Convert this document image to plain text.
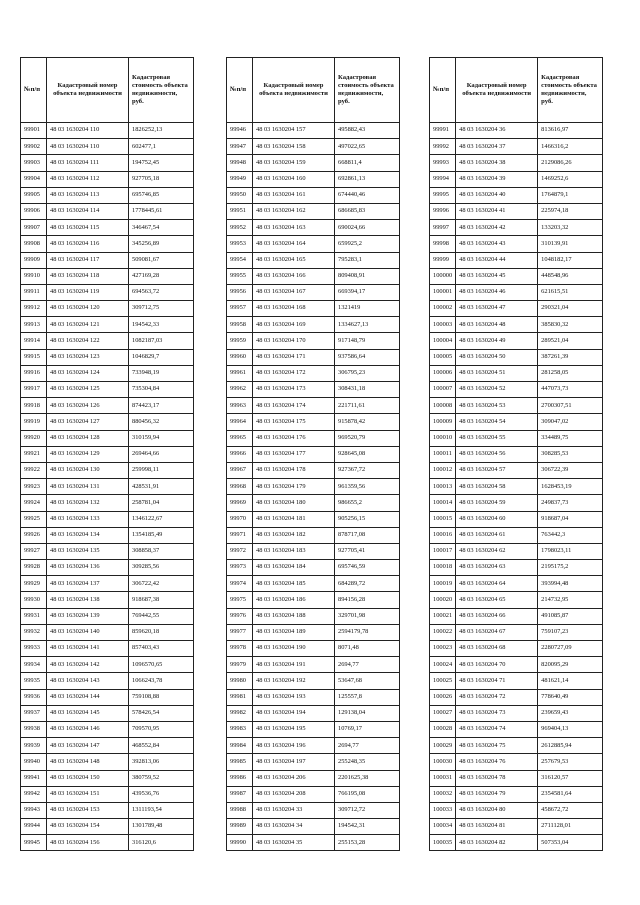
№п/п	Кадастровый номер объекта недвижимости	Кадастровая стоимость объекта недвижимости, руб.
99901	48 03 1630204 110	1826252,13
99902	48 03 1630204 110	602477,1
99903	48 03 1630204 111	194752,45
99904	48 03 1630204 112	927705,18
99905	48 03 1630204 113	695746,85
99906	48 03 1630204 114	1778445,61
99907	48 03 1630204 115	346467,54
99908	48 03 1630204 116	345256,89
99909	48 03 1630204 117	509081,67
99910	48 03 1630204 118	427169,28
99911	48 03 1630204 119	694563,72
99912	48 03 1630204 120	309712,75
99913	48 03 1630204 121	194542,33
99914	48 03 1630204 122	1082187,03
99915	48 03 1630204 123	1046829,7
99916	48 03 1630204 124	733948,19
99917	48 03 1630204 125	735304,84
99918	48 03 1630204 126	874423,17
99919	48 03 1630204 127	880456,32
99920	48 03 1630204 128	310159,94
99921	48 03 1630204 129	269464,66
99922	48 03 1630204 130	259998,11
99923	48 03 1630204 131	428531,91
99924	48 03 1630204 132	258781,04
99925	48 03 1630204 133	1346122,67
99926	48 03 1630204 134	1354185,49
99927	48 03 1630204 135	308858,37
99928	48 03 1630204 136	309285,56
99929	48 03 1630204 137	306722,42
99930	48 03 1630204 138	918687,38
99931	48 03 1630204 139	769442,55
99932	48 03 1630204 140	859620,18
99933	48 03 1630204 141	857403,43
99934	48 03 1630204 142	1096570,65
99935	48 03 1630204 143	1066243,78
99936	48 03 1630204 144	759108,88
99937	48 03 1630204 145	578426,54
99938	48 03 1630204 146	709570,95
99939	48 03 1630204 147	468552,84
99940	48 03 1630204 148	392813,06
99941	48 03 1630204 150	380759,52
99942	48 03 1630204 151	439536,76
99943	48 03 1630204 153	1311193,54
99944	48 03 1630204 154	1301789,48
99945	48 03 1630204 156	316120,6
№п/п	Кадастровый номер объекта недвижимости	Кадастровая стоимость объекта недвижимости, руб.
99946	48 03 1630204 157	495882,43
99947	48 03 1630204 158	497022,65
99948	48 03 1630204 159	668811,4
99949	48 03 1630204 160	692861,13
99950	48 03 1630204 161	674440,46
99951	48 03 1630204 162	686685,83
99952	48 03 1630204 163	690024,66
99953	48 03 1630204 164	659925,2
99954	48 03 1630204 165	795283,1
99955	48 03 1630204 166	809408,91
99956	48 03 1630204 167	669394,17
99957	48 03 1630204 168	1321419
99958	48 03 1630204 169	1334627,13
99959	48 03 1630204 170	917148,79
99960	48 03 1630204 171	937586,64
99961	48 03 1630204 172	306795,23
99962	48 03 1630204 173	308431,18
99963	48 03 1630204 174	221711,61
99964	48 03 1630204 175	915878,42
99965	48 03 1630204 176	969520,79
99966	48 03 1630204 177	928645,08
99967	48 03 1630204 178	927367,72
99968	48 03 1630204 179	961359,56
99969	48 03 1630204 180	986655,2
99970	48 03 1630204 181	905256,15
99971	48 03 1630204 182	878717,08
99972	48 03 1630204 183	927705,41
99973	48 03 1630204 184	695746,59
99974	48 03 1630204 185	684289,72
99975	48 03 1630204 186	894156,28
99976	48 03 1630204 188	329701,98
99977	48 03 1630204 189	2594179,78
99978	48 03 1630204 190	8071,48
99979	48 03 1630204 191	2694,77
99980	48 03 1630204 192	53647,68
99981	48 03 1630204 193	125557,8
99982	48 03 1630204 194	129138,04
99983	48 03 1630204 195	10769,17
99984	48 03 1630204 196	2694,77
99985	48 03 1630204 197	255248,35
99986	48 03 1630204 206	2201625,38
99987	48 03 1630204 208	766195,08
99988	48 03 1630204 33	309712,72
99989	48 03 1630204 34	194542,31
99990	48 03 1630204 35	255153,28
№п/п	Кадастровый номер объекта недвижимости	Кадастровая стоимость объекта недвижимости, руб.
99991	48 03 1630204 36	813616,97
99992	48 03 1630204 37	1466316,2
99993	48 03 1630204 38	2129086,26
99994	48 03 1630204 39	1469252,6
99995	48 03 1630204 40	1764879,1
99996	48 03 1630204 41	225974,18
99997	48 03 1630204 42	133203,32
99998	48 03 1630204 43	310139,91
99999	48 03 1630204 44	1048182,17
100000	48 03 1630204 45	448548,96
100001	48 03 1630204 46	621615,51
100002	48 03 1630204 47	290321,04
100003	48 03 1630204 48	385830,32
100004	48 03 1630204 49	289521,04
100005	48 03 1630204 50	387261,39
100006	48 03 1630204 51	281258,05
100007	48 03 1630204 52	447073,73
100008	48 03 1630204 53	2700307,51
100009	48 03 1630204 54	309047,02
100010	48 03 1630204 55	334489,75
100011	48 03 1630204 56	308285,53
100012	48 03 1630204 57	306722,39
100013	48 03 1630204 58	1628453,19
100014	48 03 1630204 59	249837,73
100015	48 03 1630204 60	918687,04
100016	48 03 1630204 61	763442,3
100017	48 03 1630204 62	1798023,11
100018	48 03 1630204 63	2195175,2
100019	48 03 1630204 64	393994,48
100020	48 03 1630204 65	214732,95
100021	48 03 1630204 66	491085,87
100022	48 03 1630204 67	759107,23
100023	48 03 1630204 68	2280727,09
100024	48 03 1630204 70	820095,29
100025	48 03 1630204 71	481621,14
100026	48 03 1630204 72	778640,49
100027	48 03 1630204 73	239659,43
100028	48 03 1630204 74	969404,13
100029	48 03 1630204 75	2612885,94
100030	48 03 1630204 76	257679,53
100031	48 03 1630204 78	316120,57
100032	48 03 1630204 79	2354581,64
100033	48 03 1630204 80	458672,72
100034	48 03 1630204 81	2711128,01
100035	48 03 1630204 82	507353,04
